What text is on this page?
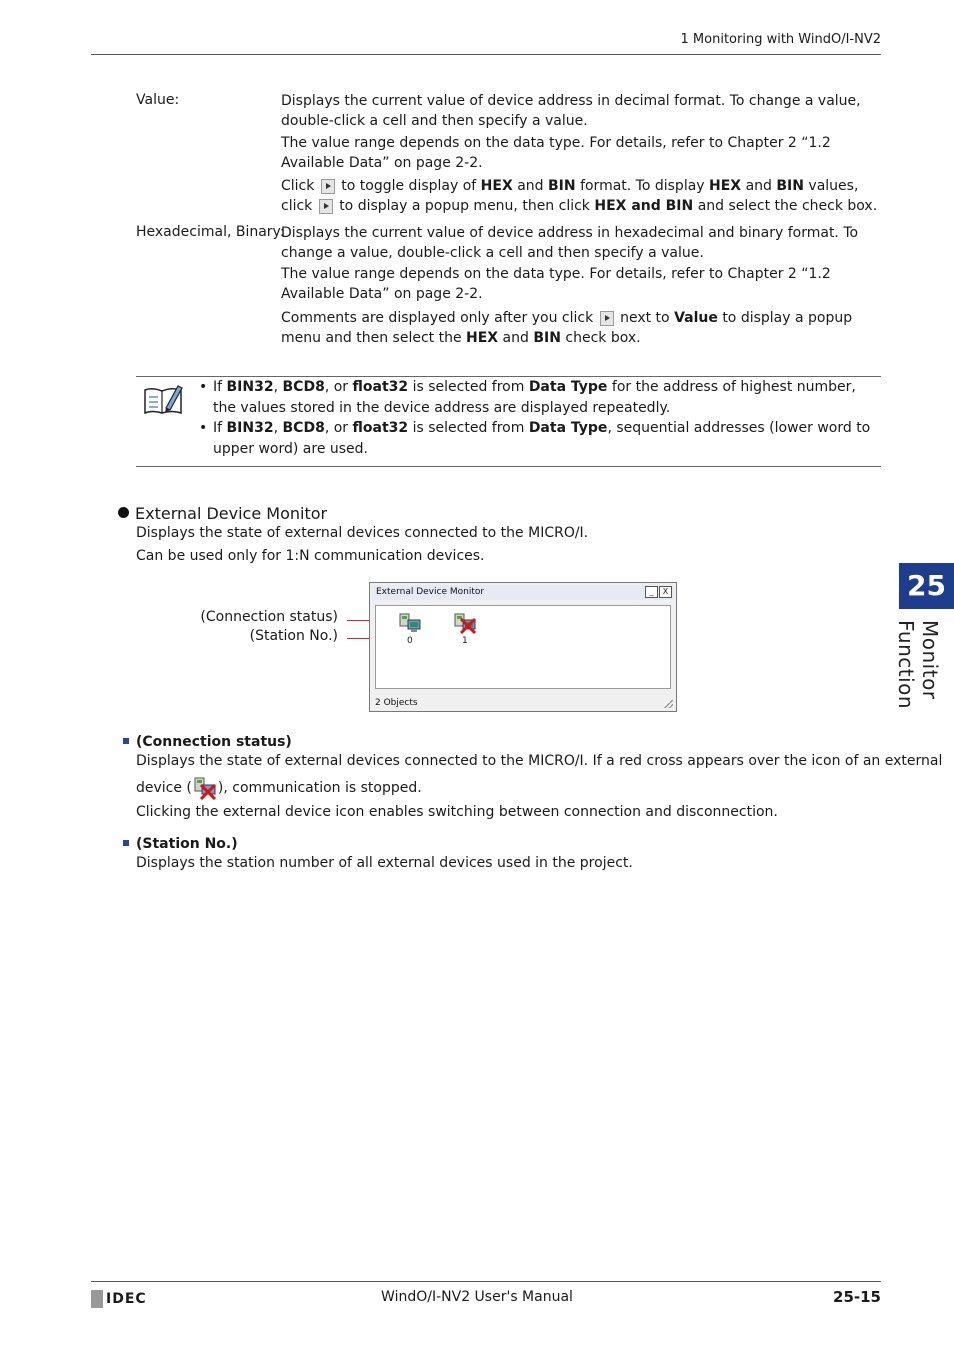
1 Monitoring with WindO/I-NV2
25
Monitor Function
Value:	Displays the current value of device address in decimal format. To change a value, double-click a cell and then specify a value.
The value range depends on the data type. For details, refer to Chapter 2 “1.2 Available Data” on page 2-2.
Click to toggle display of HEX and BIN format. To display HEX and BIN values, click to display a popup menu, then click HEX and BIN and select the check box.
Hexadecimal, Binary:
Displays the current value of device address in hexadecimal and binary format. To change a value, double-click a cell and then specify a value.
The value range depends on the data type. For details, refer to Chapter 2 “1.2 Available Data” on page 2-2.
Comments are displayed only after you click next to Value to display a popup menu and then select the HEX and BIN check box.
• If BIN32, BCD8, or float32 is selected from Data Type for the address of highest number, the values stored in the device address are displayed repeatedly.
• If BIN32, BCD8, or float32 is selected from Data Type, sequential addresses (lower word to upper word) are used.
External Device Monitor
Displays the state of external devices connected to the MICRO/I.
Can be used only for 1:N communication devices.
(Connection status)
(Station No.)
External Device Monitor	_	X
0	1
2 Objects
(Connection status)
Displays the state of external devices connected to the MICRO/I. If a red cross appears over the icon of an external
device ( ), communication is stopped.
Clicking the external device icon enables switching between connection and disconnection.
(Station No.)
Displays the station number of all external devices used in the project.
IDEC	WindO/I-NV2 User's Manual	25-15
